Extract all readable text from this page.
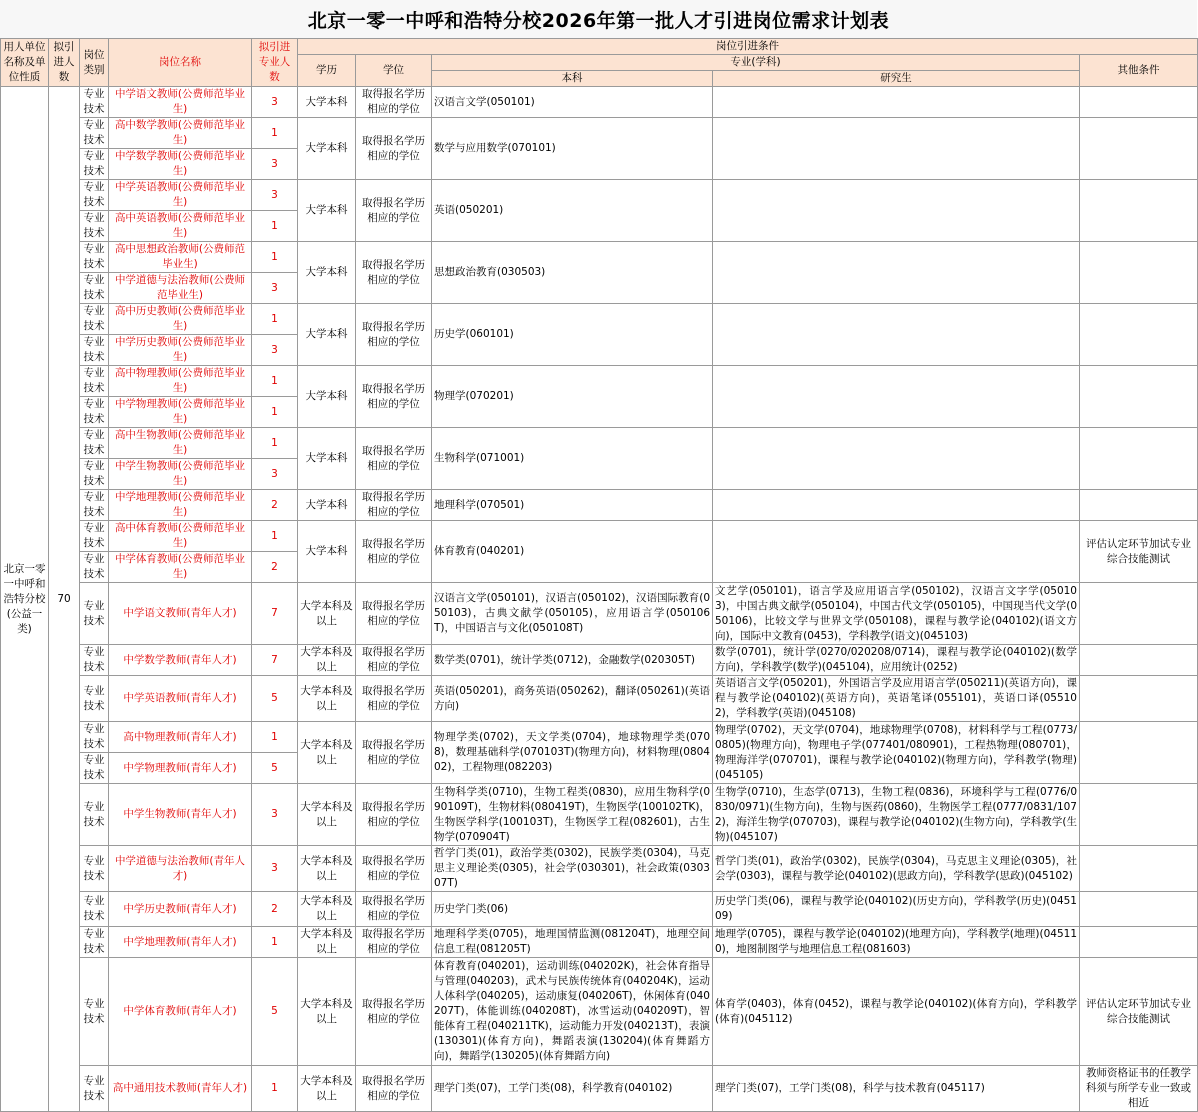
北京一零一中呼和浩特分校2026年第一批人才引进岗位需求计划表
用人单位名称及单位性质	拟引进人数	岗位类别	岗位名称	拟引进专业人数	岗位引进条件				
					学历	学位	专业(学科)		其他条件
							本科	研究生	
北京一零一中呼和浩特分校(公益一类)	70	专业技术	中学语文教师(公费师范毕业生)	3	大学本科	取得报名学历相应的学位	汉语言文学(050101)		
		专业技术	高中数学教师(公费师范毕业生)	1	大学本科	取得报名学历相应的学位	数学与应用数学(070101)		
		专业技术	中学数学教师(公费师范毕业生)	3					
		专业技术	中学英语教师(公费师范毕业生)	3	大学本科	取得报名学历相应的学位	英语(050201)		
		专业技术	高中英语教师(公费师范毕业生)	1					
		专业技术	高中思想政治教师(公费师范毕业生)	1	大学本科	取得报名学历相应的学位	思想政治教育(030503)		
		专业技术	中学道德与法治教师(公费师范毕业生)	3					
		专业技术	高中历史教师(公费师范毕业生)	1	大学本科	取得报名学历相应的学位	历史学(060101)		
		专业技术	中学历史教师(公费师范毕业生)	3					
		专业技术	高中物理教师(公费师范毕业生)	1	大学本科	取得报名学历相应的学位	物理学(070201)		
		专业技术	中学物理教师(公费师范毕业生)	1					
		专业技术	高中生物教师(公费师范毕业生)	1	大学本科	取得报名学历相应的学位	生物科学(071001)		
		专业技术	中学生物教师(公费师范毕业生)	3					
		专业技术	中学地理教师(公费师范毕业生)	2	大学本科	取得报名学历相应的学位	地理科学(070501)		
		专业技术	高中体育教师(公费师范毕业生)	1	大学本科	取得报名学历相应的学位	体育教育(040201)		评估认定环节加试专业综合技能测试
		专业技术	中学体育教师(公费师范毕业生)	2					
		专业技术	中学语文教师(青年人才)	7	大学本科及以上	取得报名学历相应的学位	汉语言文学(050101)，汉语言(050102)，汉语国际教育(050103)，古典文献学(050105)，应用语言学(050106T)，中国语言与文化(050108T)	文艺学(050101)，语言学及应用语言学(050102)，汉语言文字学(050103)，中国古典文献学(050104)，中国古代文学(050105)，中国现当代文学(050106)，比较文学与世界文学(050108)，课程与教学论(040102)(语文方向)，国际中文教育(0453)，学科教学(语文)(045103)	
		专业技术	中学数学教师(青年人才)	7	大学本科及以上	取得报名学历相应的学位	数学类(0701)，统计学类(0712)，金融数学(020305T)	数学(0701)，统计学(0270/020208/0714)，课程与教学论(040102)(数学方向)，学科教学(数学)(045104)，应用统计(0252)	
		专业技术	中学英语教师(青年人才)	5	大学本科及以上	取得报名学历相应的学位	英语(050201)，商务英语(050262)，翻译(050261)(英语方向)	英语语言文学(050201)，外国语言学及应用语言学(050211)(英语方向)，课程与教学论(040102)(英语方向)，英语笔译(055101)，英语口译(055102)，学科教学(英语)(045108)	
		专业技术	高中物理教师(青年人才)	1	大学本科及以上	取得报名学历相应的学位	物理学类(0702)，天文学类(0704)，地球物理学类(0708)，数理基础科学(070103T)(物理方向)，材料物理(080402)，工程物理(082203)	物理学(0702)，天文学(0704)，地球物理学(0708)，材料科学与工程(0773/0805)(物理方向)，物理电子学(077401/080901)，工程热物理(080701)，物理海洋学(070701)，课程与教学论(040102)(物理方向)，学科教学(物理)(045105)	
		专业技术	中学物理教师(青年人才)	5					
		专业技术	中学生物教师(青年人才)	3	大学本科及以上	取得报名学历相应的学位	生物科学类(0710)，生物工程类(0830)，应用生物科学(090109T)，生物材料(080419T)，生物医学(100102TK)，生物医学科学(100103T)，生物医学工程(082601)，古生物学(070904T)	生物学(0710)，生态学(0713)，生物工程(0836)，环境科学与工程(0776/0830/0971)(生物方向)，生物与医药(0860)，生物医学工程(0777/0831/1072)，海洋生物学(070703)，课程与教学论(040102)(生物方向)，学科教学(生物)(045107)	
		专业技术	中学道德与法治教师(青年人才)	3	大学本科及以上	取得报名学历相应的学位	哲学门类(01)，政治学类(0302)，民族学类(0304)，马克思主义理论类(0305)，社会学(030301)，社会政策(030307T)	哲学门类(01)，政治学(0302)，民族学(0304)，马克思主义理论(0305)，社会学(0303)，课程与教学论(040102)(思政方向)，学科教学(思政)(045102)	
		专业技术	中学历史教师(青年人才)	2	大学本科及以上	取得报名学历相应的学位	历史学门类(06)	历史学门类(06)，课程与教学论(040102)(历史方向)，学科教学(历史)(045109)	
		专业技术	中学地理教师(青年人才)	1	大学本科及以上	取得报名学历相应的学位	地理科学类(0705)，地理国情监测(081204T)，地理空间信息工程(081205T)	地理学(0705)，课程与教学论(040102)(地理方向)，学科教学(地理)(045110)，地图制图学与地理信息工程(081603)	
		专业技术	中学体育教师(青年人才)	5	大学本科及以上	取得报名学历相应的学位	体育教育(040201)，运动训练(040202K)，社会体育指导与管理(040203)，武术与民族传统体育(040204K)，运动人体科学(040205)，运动康复(040206T)，休闲体育(040207T)，体能训练(040208T)，冰雪运动(040209T)，智能体育工程(040211TK)，运动能力开发(040213T)，表演(130301)(体育方向)，舞蹈表演(130204)(体育舞蹈方向)，舞蹈学(130205)(体育舞蹈方向)	体育学(0403)，体育(0452)，课程与教学论(040102)(体育方向)，学科教学(体育)(045112)	评估认定环节加试专业综合技能测试
		专业技术	高中通用技术教师(青年人才)	1	大学本科及以上	取得报名学历相应的学位	理学门类(07)，工学门类(08)，科学教育(040102)	理学门类(07)，工学门类(08)，科学与技术教育(045117)	教师资格证书的任教学科须与所学专业一致或相近
